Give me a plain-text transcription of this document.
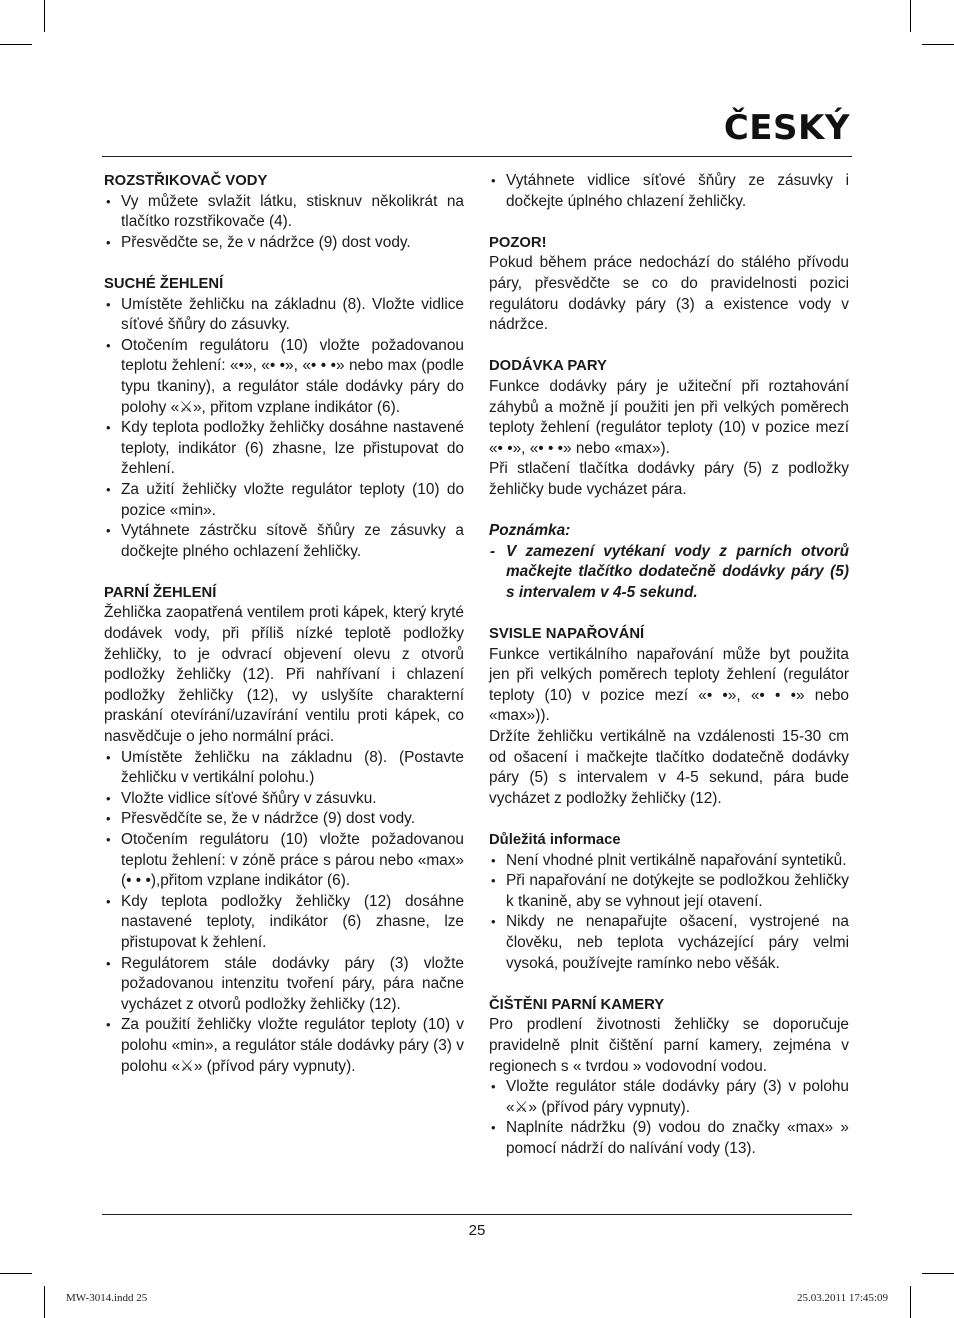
ČESKÝ
ROZSTŘIKOVAČ VODY
• Vy můžete svlažit látku, stisknuv několikrát na tlačítko rozstřikovače (4).
• Přesvědčte se, že v nádržce (9) dost vody.
SUCHÉ ŽEHLENÍ
• Umístěte žehličku na základnu (8). Vložte vidlice síťové šňůry do zásuvky.
• Otočením regulátoru (10) vložte požadovanou teplotu žehlení: «•», «• •», «• • •» nebo max (podle typu tkaniny), a regulátor stále dodávky páry do polohy «⚔», přitom vzplane indikátor (6).
• Kdy teplota podložky žehličky dosáhne nastavené teploty, indikátor (6) zhasne, lze přistupovat do žehlení.
• Za užití žehličky vložte regulátor teploty (10) do pozice «min».
• Vytáhnete zástrčku sítově šňůry ze zásuvky a dočkejte plného ochlazení žehličky.
PARNÍ ŽEHLENÍ

Žehlička zaopatřená ventilem proti kápek, který kryté dodávek vody, při příliš nízké teplotě podložky žehličky, to je odvrací objevení olevu z otvorů podložky žehličky (12). Při nahřívaní i chlazení podložky žehličky (12), vy uslyšíte charakterní praskání otevírání/uzavírání ventilu proti kápek, co nasvědčuje o jeho normální práci.

• Umístěte žehličku na základnu (8). (Postavte žehličku v vertikální polohu.)
• Vložte vidlice síťové šňůry v zásuvku.
• Přesvědčíte se, že v nádržce (9) dost vody.
• Otočením regulátoru (10) vložte požadovanou teplotu žehlení: v zóně práce s párou nebo «max» (• • •),přitom vzplane indikátor (6).
• Kdy teplota podložky žehličky (12) dosáhne nastavené teploty, indikátor (6) zhasne, lze přistupovat k žehlení.
• Regulátorem stále dodávky páry (3) vložte požadovanou intenzitu tvoření páry, pára načne vycházet z otvorů podložky žehličky (12).
• Za použití žehličky vložte regulátor teploty (10) v polohu «min», a regulátor stále dodávky páry (3) v polohu «⚔» (přívod páry vypnuty).
• Vytáhnete vidlice síťové šňůry ze zásuvky i dočkejte úplného chlazení žehličky.
POZOR!

Pokud během práce nedochází do stálého přívodu páry, přesvědčte se co do pravidelnosti pozici regulátoru dodávky páry (3) a existence vody v nádržce.

DODÁVKA PARY

Funkce dodávky páry je užiteční při roztahování záhybů a možně jí použiti jen při velkých poměrech teploty žehlení (regulátor teploty (10) v pozice mezí «• •», «• • •» nebo «max»).

Při stlačení tlačítka dodávky páry (5) z podložky žehličky bude vycházet pára.

Poznámka:
- V zamezení vytékaní vody z parních otvorů mačkejte tlačítko dodatečně dodávky páry (5) s intervalem v 4-5 sekund.
SVISLE NAPAŘOVÁNÍ

Funkce vertikálního napařování může byt použita jen při velkých poměrech teploty žehlení (regulátor teploty (10) v pozice mezí «• •», «• • •» nebo «max»)).

Držíte žehličku vertikálně na vzdálenosti 15-30 cm od ošacení i mačkejte tlačítko dodatečně dodávky páry (5) s intervalem v 4-5 sekund, pára bude vycházet z podložky žehličky (12).

Důležitá informace
• Není vhodné plnit vertikálně napařování syntetiků.
• Při napařování ne dotýkejte se podložkou žehličky k tkanině, aby se vyhnout její otavení.
• Nikdy ne nenapařujte ošacení, vystrojené na člověku, neb teplota vycházející páry velmi vysoká, používejte ramínko nebo věšák.
ČIŠTĚNI PARNÍ KAMERY

Pro prodlení životnosti žehličky se doporučuje pravidelně plnit čištění parní kamery, zejména v regionech s « tvrdou » vodovodní vodou.

• Vložte regulátor stále dodávky páry (3) v polohu «⚔» (přívod páry vypnuty).
• Naplníte nádržku (9) vodou do značky «max» » pomocí nádrží do nalívání vody (13).
25
MW-3014.indd 25	25.03.2011 17:45:09
